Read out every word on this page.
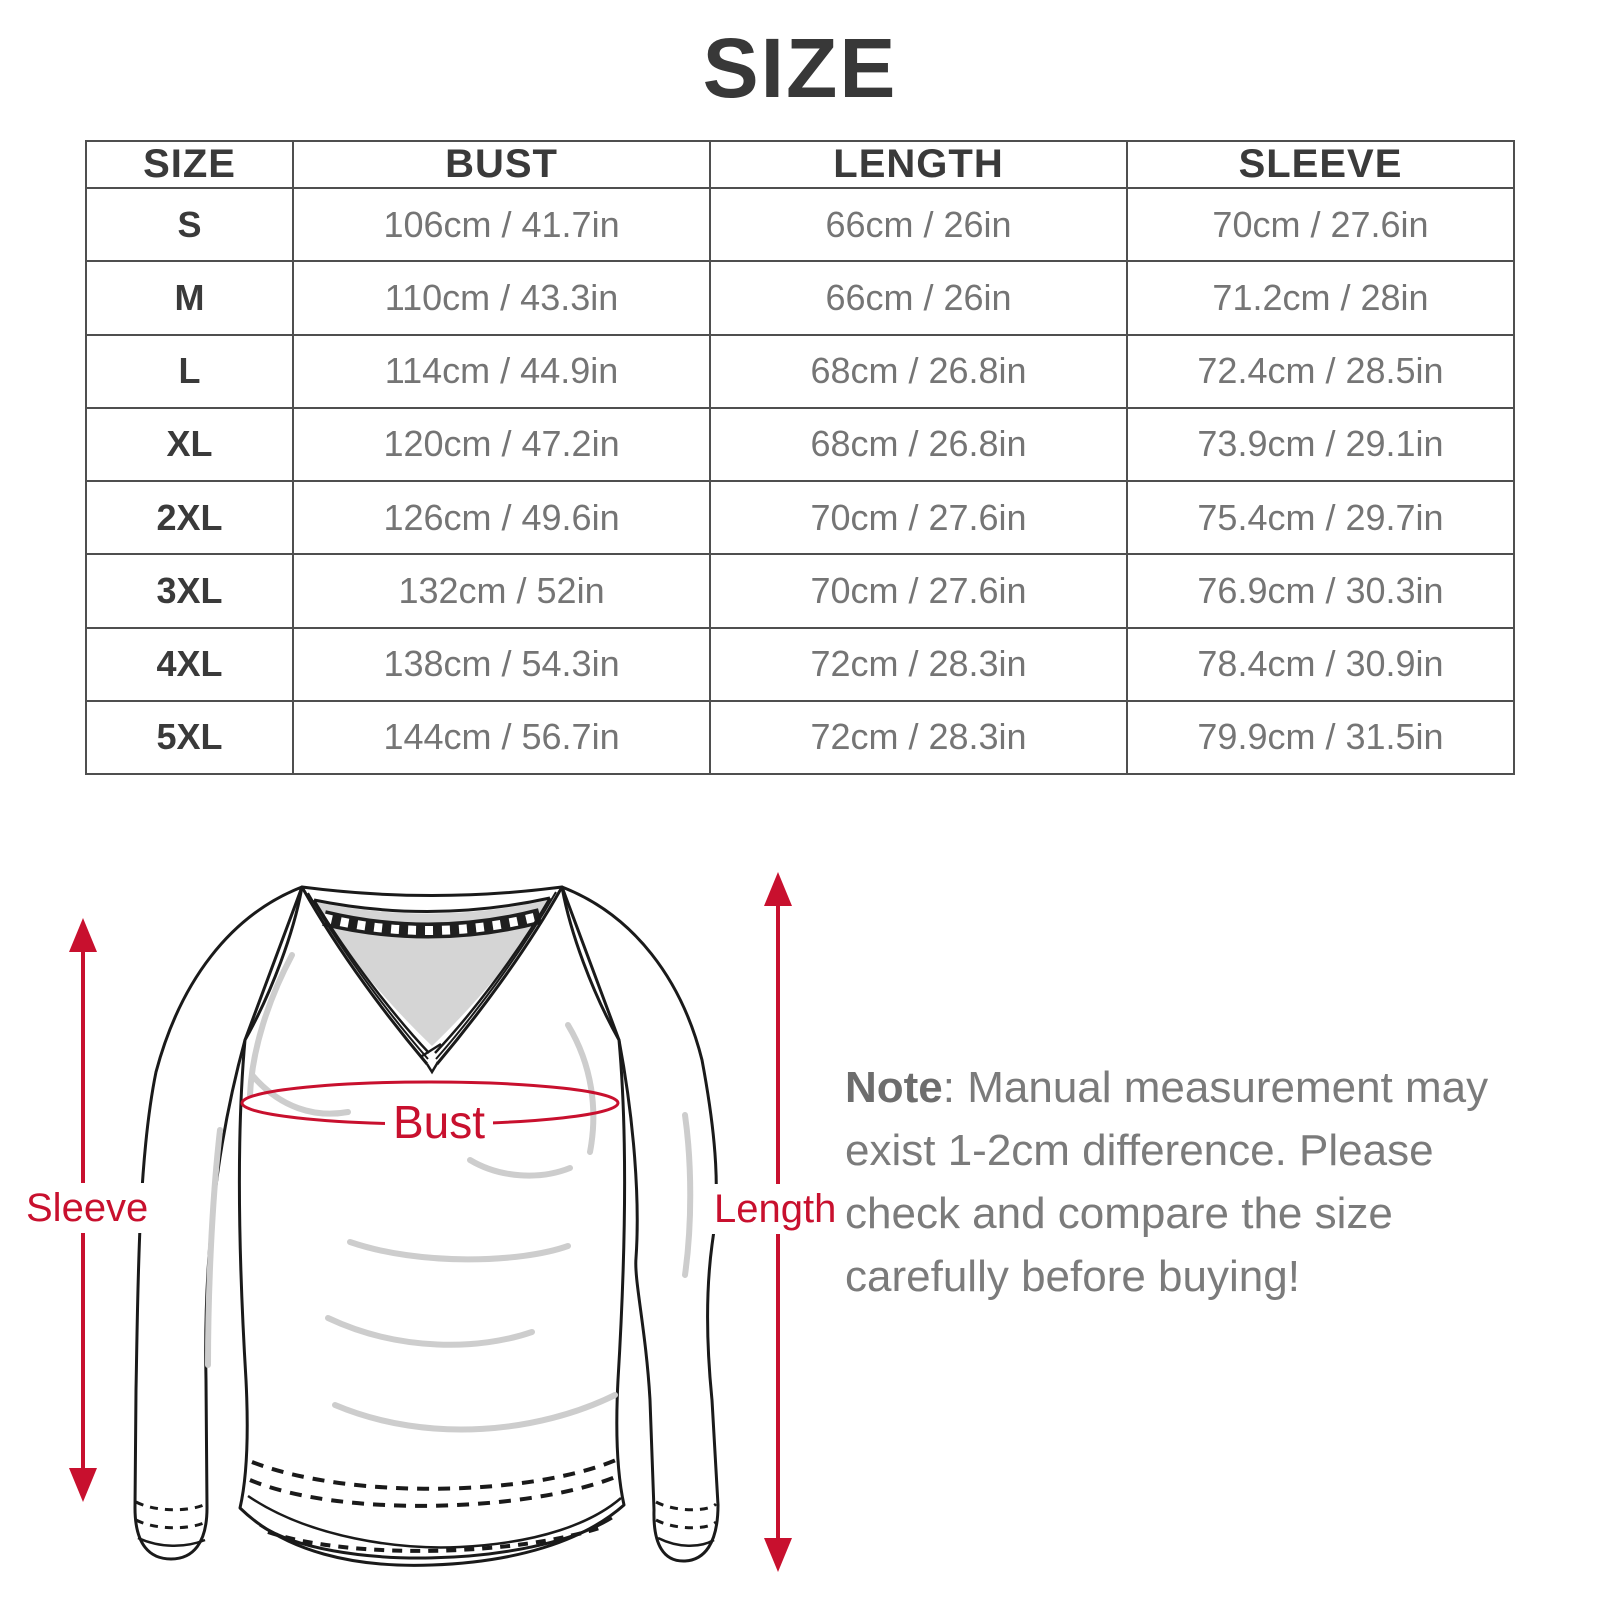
SIZE
SIZE	BUST	LENGTH	SLEEVE
S	106cm / 41.7in	66cm / 26in	70cm / 27.6in
M	110cm / 43.3in	66cm / 26in	71.2cm / 28in
L	114cm / 44.9in	68cm / 26.8in	72.4cm / 28.5in
XL	120cm / 47.2in	68cm / 26.8in	73.9cm / 29.1in
2XL	126cm / 49.6in	70cm / 27.6in	75.4cm / 29.7in
3XL	132cm / 52in	70cm / 27.6in	76.9cm / 30.3in
4XL	138cm / 54.3in	72cm / 28.3in	78.4cm / 30.9in
5XL	144cm / 56.7in	72cm / 28.3in	79.9cm / 31.5in
Sleeve	Length
Bust
Note: Manual measurement may
exist 1-2cm difference. Please
check and compare the size
carefully before buying!
